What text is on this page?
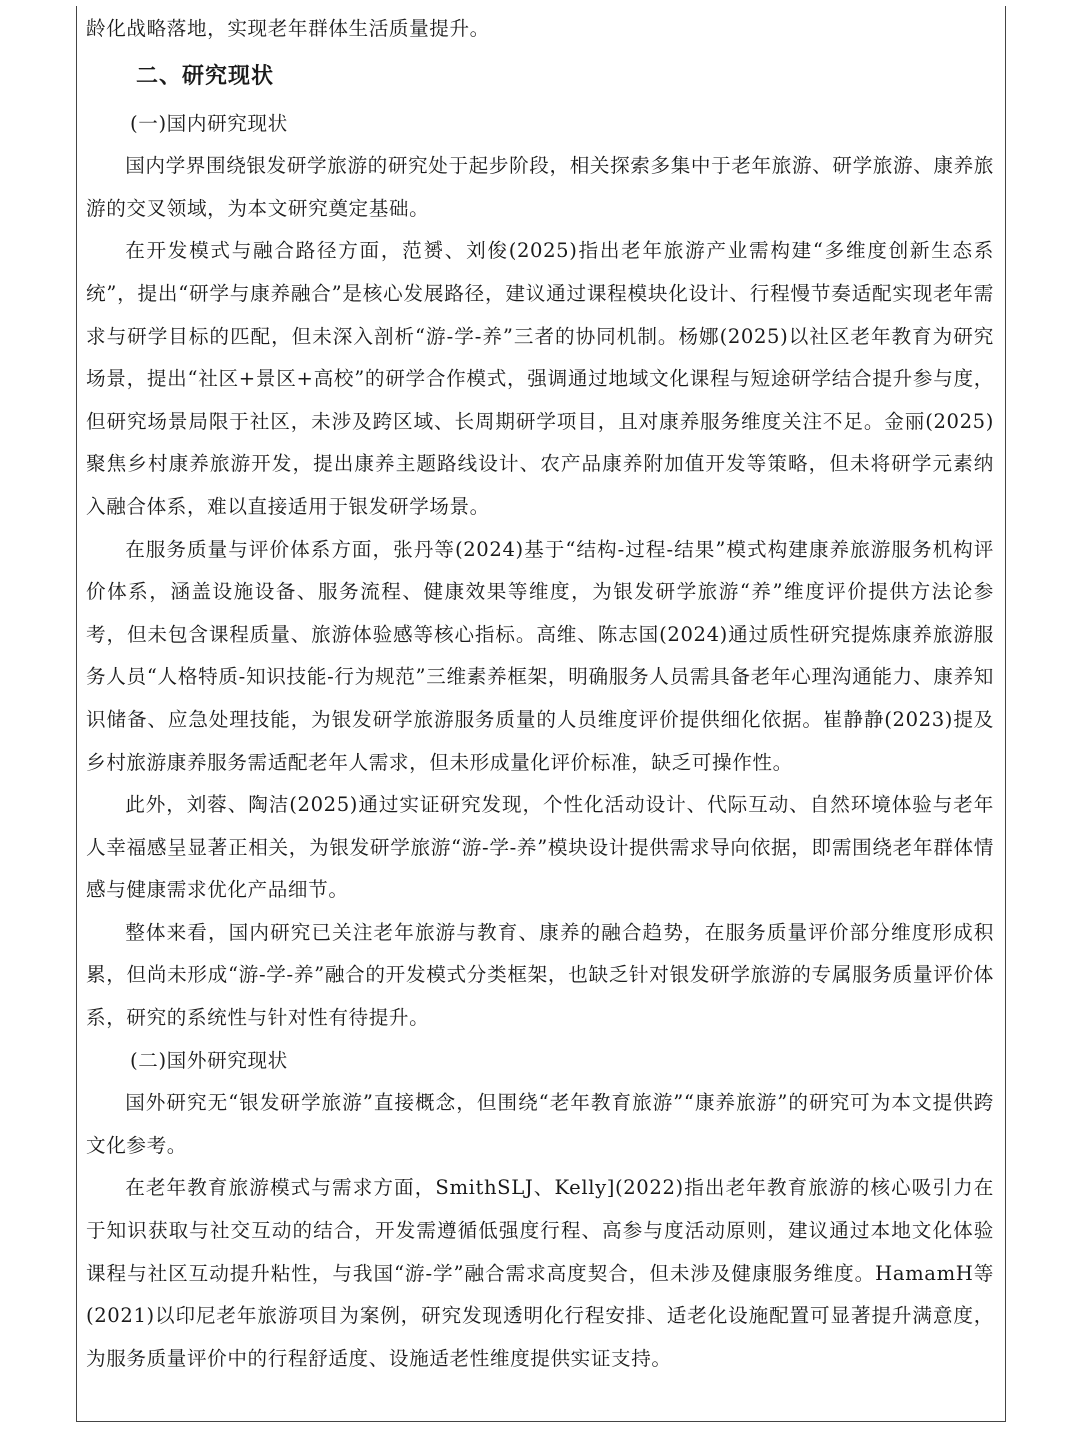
龄化战略落地，实现老年群体生活质量提升。

二、研究现状

(一)国内研究现状

国内学界围绕银发研学旅游的研究处于起步阶段，相关探索多集中于老年旅游、研学旅游、康养旅游的交叉领域，为本文研究奠定基础。

在开发模式与融合路径方面，范赟、刘俊(2025)指出老年旅游产业需构建“多维度创新生态系统”，提出“研学与康养融合”是核心发展路径，建议通过课程模块化设计、行程慢节奏适配实现老年需求与研学目标的匹配，但未深入剖析“游-学-养”三者的协同机制。杨娜(2025)以社区老年教育为研究场景，提出“社区+景区+高校”的研学合作模式，强调通过地域文化课程与短途研学结合提升参与度，但研究场景局限于社区，未涉及跨区域、长周期研学项目，且对康养服务维度关注不足。金丽(2025)聚焦乡村康养旅游开发，提出康养主题路线设计、农产品康养附加值开发等策略，但未将研学元素纳入融合体系，难以直接适用于银发研学场景。

在服务质量与评价体系方面，张丹等(2024)基于“结构-过程-结果”模式构建康养旅游服务机构评价体系，涵盖设施设备、服务流程、健康效果等维度，为银发研学旅游“养”维度评价提供方法论参考，但未包含课程质量、旅游体验感等核心指标。高维、陈志国(2024)通过质性研究提炼康养旅游服务人员“人格特质-知识技能-行为规范”三维素养框架，明确服务人员需具备老年心理沟通能力、康养知识储备、应急处理技能，为银发研学旅游服务质量的人员维度评价提供细化依据。崔静静(2023)提及乡村旅游康养服务需适配老年人需求，但未形成量化评价标准，缺乏可操作性。

此外，刘蓉、陶洁(2025)通过实证研究发现，个性化活动设计、代际互动、自然环境体验与老年人幸福感呈显著正相关，为银发研学旅游“游-学-养”模块设计提供需求导向依据，即需围绕老年群体情感与健康需求优化产品细节。

整体来看，国内研究已关注老年旅游与教育、康养的融合趋势，在服务质量评价部分维度形成积累，但尚未形成“游-学-养”融合的开发模式分类框架，也缺乏针对银发研学旅游的专属服务质量评价体系，研究的系统性与针对性有待提升。

(二)国外研究现状

国外研究无“银发研学旅游”直接概念，但围绕“老年教育旅游”“康养旅游”的研究可为本文提供跨文化参考。

在老年教育旅游模式与需求方面，SmithSLJ、Kelly](2022)指出老年教育旅游的核心吸引力在于知识获取与社交互动的结合，开发需遵循低强度行程、高参与度活动原则，建议通过本地文化体验课程与社区互动提升粘性，与我国“游-学”融合需求高度契合，但未涉及健康服务维度。HamamH等(2021)以印尼老年旅游项目为案例，研究发现透明化行程安排、适老化设施配置可显著提升满意度，为服务质量评价中的行程舒适度、设施适老性维度提供实证支持。
